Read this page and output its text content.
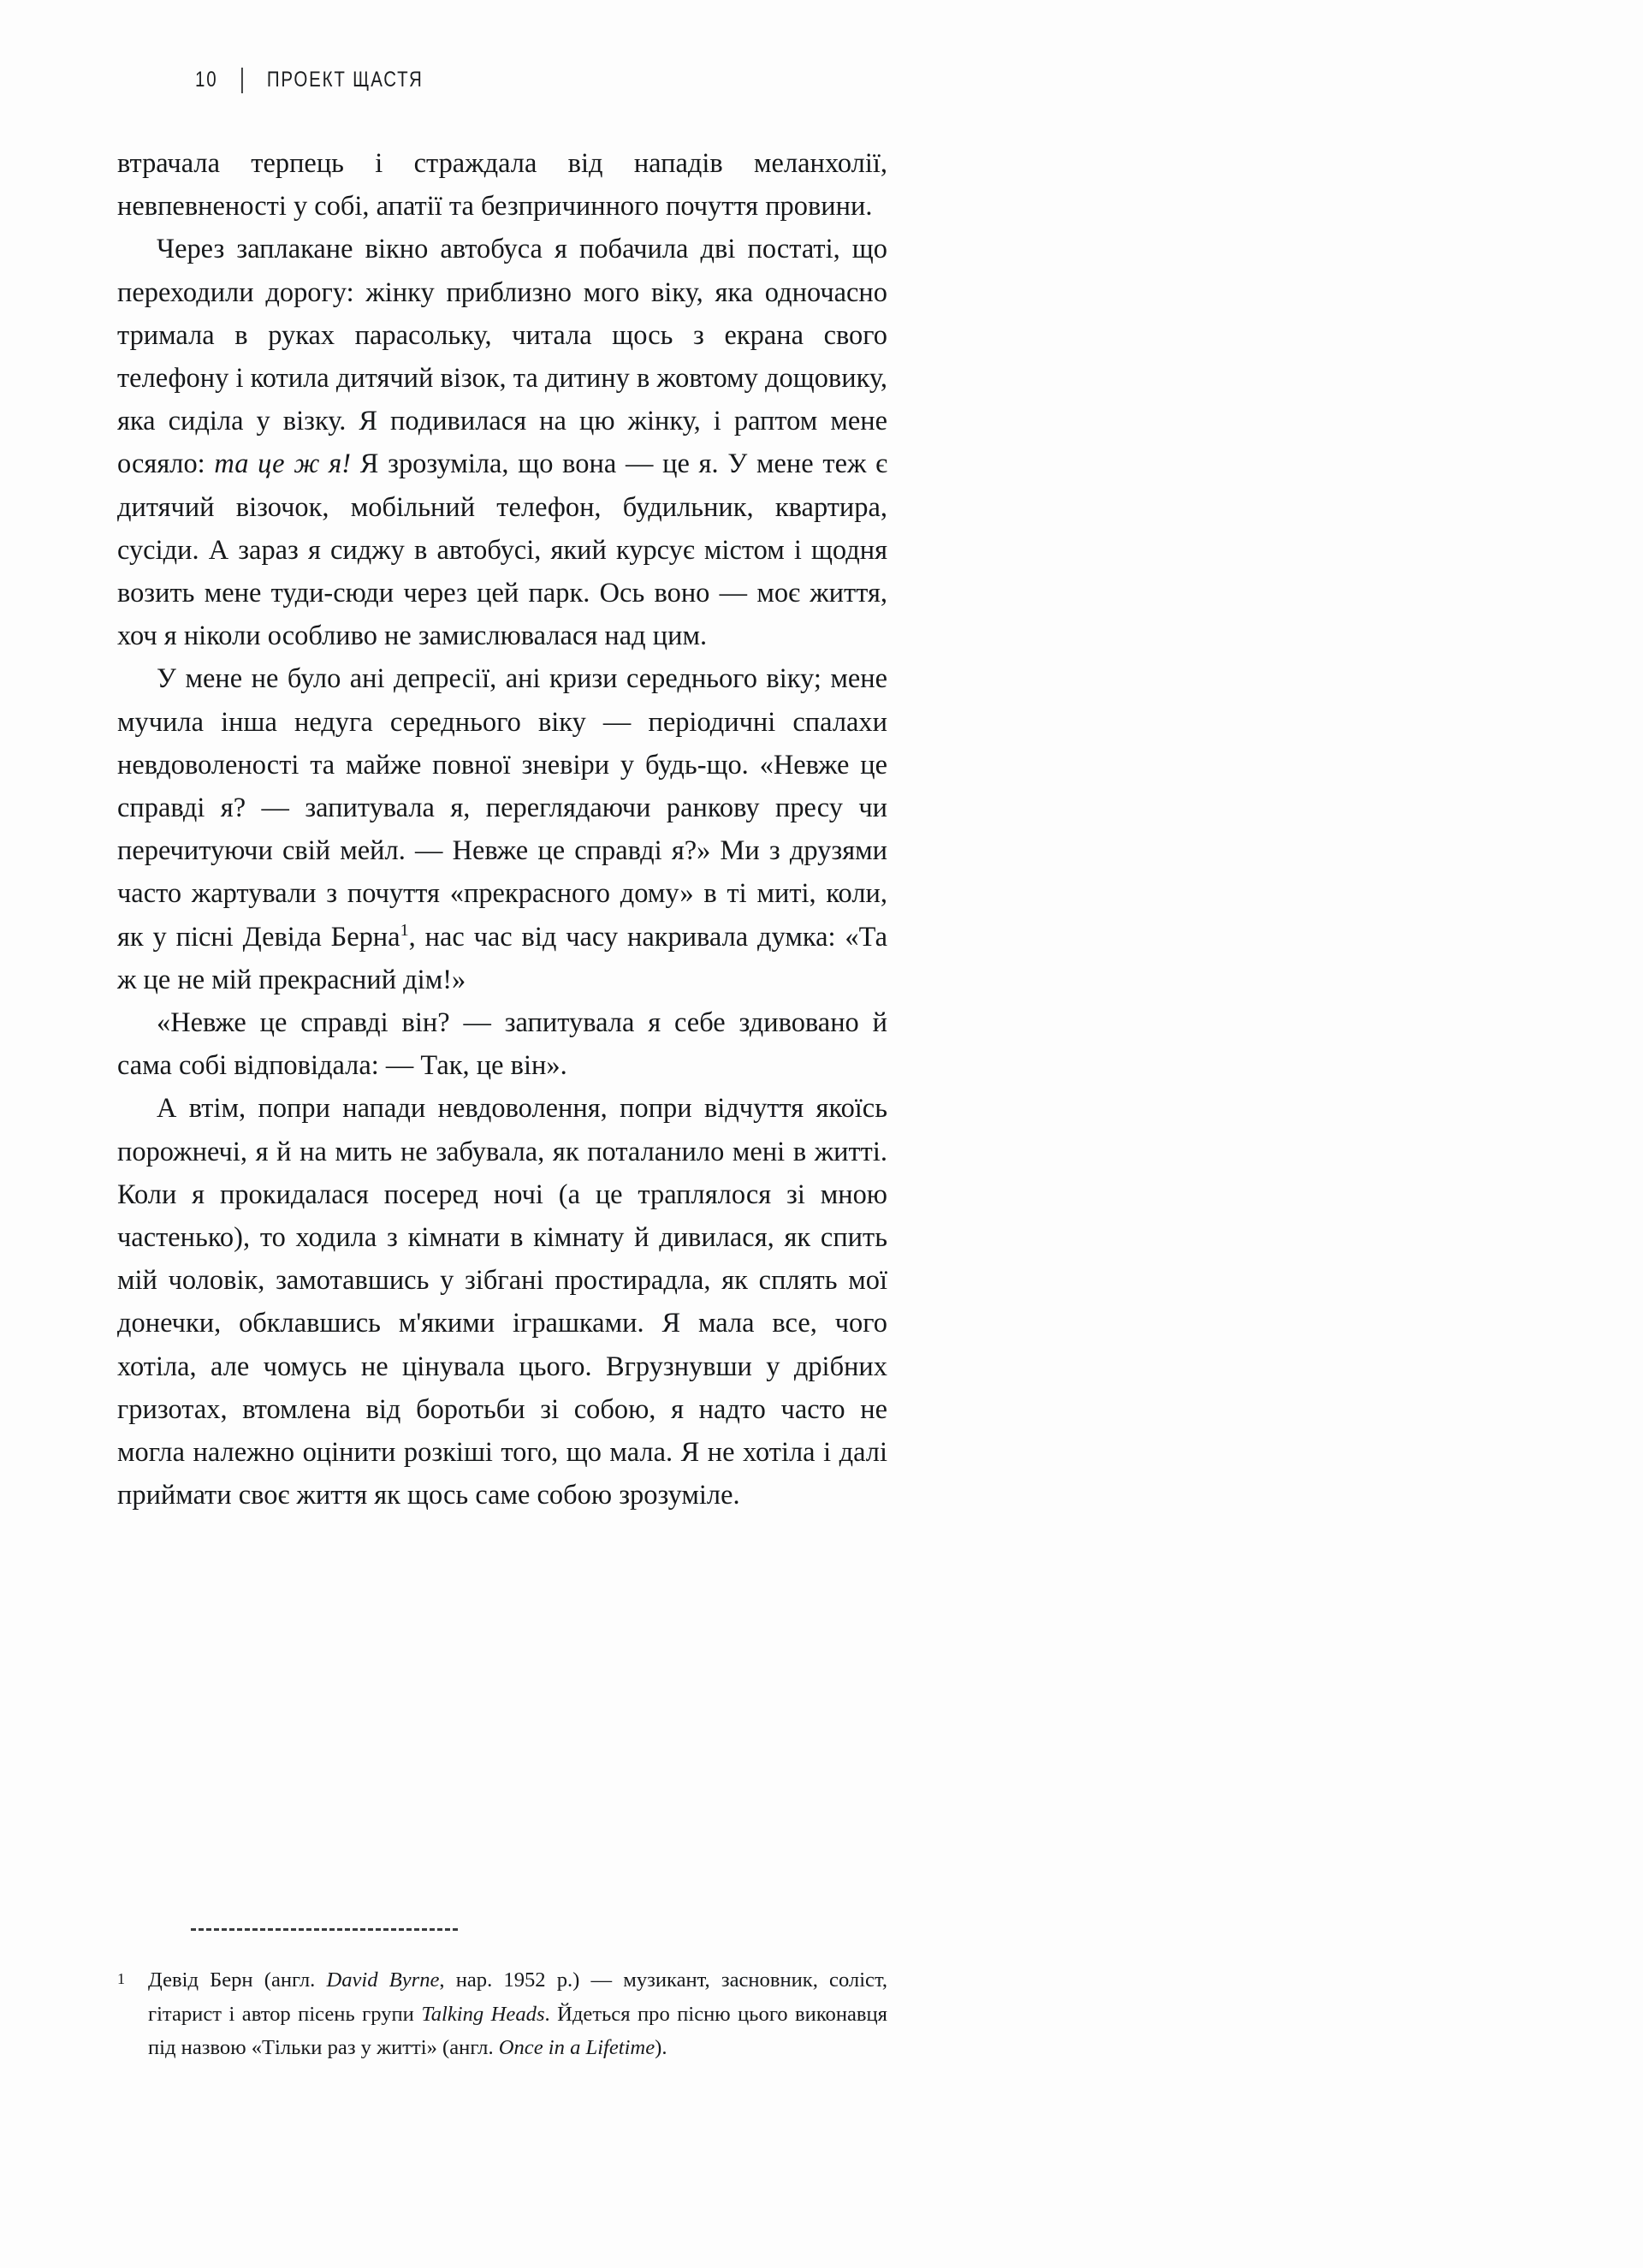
10 ПРОЕКТ ЩАСТЯ

втрачала терпець і страждала від нападів меланхолії, невпевненості у собі, апатії та безпричинного почуття провини.

Через заплакане вікно автобуса я побачила дві постаті, що переходили дорогу: жінку приблизно мого віку, яка одночасно тримала в руках парасольку, читала щось з екрана свого телефону і котила дитячий візок, та дитину в жовтому дощовику, яка сиділа у візку. Я подивилася на цю жінку, і раптом мене осяяло: та це ж я! Я зрозуміла, що вона — це я. У мене теж є дитячий візочок, мобільний телефон, будильник, квартира, сусіди. А зараз я сиджу в автобусі, який курсує містом і щодня возить мене туди-сюди через цей парк. Ось воно — моє життя, хоч я ніколи особливо не замислювалася над цим.

У мене не було ані депресії, ані кризи середнього віку; мене мучила інша недуга середнього віку — періодичні спалахи невдоволеності та майже повної зневіри у будь-що. «Невже це справді я? — запитувала я, переглядаючи ранкову пресу чи перечитуючи свій мейл. — Невже це справді я?» Ми з друзями часто жартували з почуття «прекрасного дому» в ті миті, коли, як у пісні Девіда Берна$^1$, нас час від часу накривала думка: «Та ж це не мій прекрасний дім!»

«Невже це справді він? — запитувала я себе здивовано й сама собі відповідала: — Так, це він».

А втім, попри напади невдоволення, попри відчуття якоїсь порожнечі, я й на мить не забувала, як поталанило мені в житті. Коли я прокидалася посеред ночі (а це траплялося зі мною частенько), то ходила з кімнати в кімнату й дивилася, як спить мій чоловік, замотавшись у зібгані простирадла, як сплять мої донечки, обклавшись м'якими іграшками. Я мала все, чого хотіла, але чомусь не цінувала цього. Вгрузнувши у дрібних гризотах, втомлена від боротьби зі собою, я надто часто не могла належно оцінити розкіші того, що мала. Я не хотіла і далі приймати своє життя як щось саме собою зрозуміле.

1 Девід Берн (англ. David Byrne, нар. 1952 р.) — музикант, засновник, соліст, гітарист і автор пісень групи Talking Heads. Йдеться про пісню цього виконавця під назвою «Тільки раз у житті» (англ. Once in a Lifetime).
